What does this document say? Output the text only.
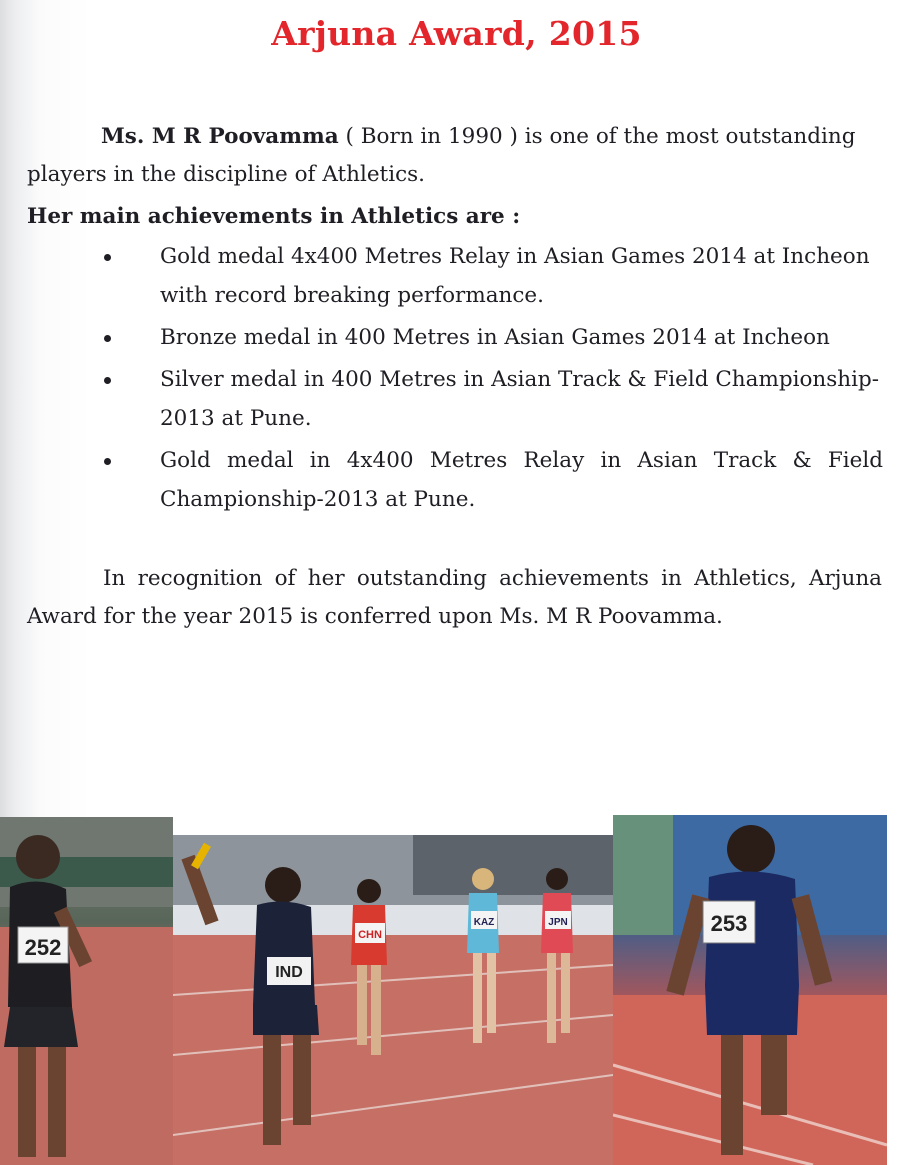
Arjuna Award, 2015
Ms. M R Poovamma ( Born in 1990 ) is one of the most outstanding players in the discipline of Athletics.
Her main achievements in Athletics are :
Gold medal 4x400 Metres Relay in Asian Games 2014 at Incheon with record breaking performance.
Bronze medal in 400 Metres in Asian Games 2014 at Incheon
Silver medal in 400 Metres in Asian Track & Field Championship-2013 at Pune.
Gold medal in 4x400 Metres Relay in Asian Track & Field Championship-2013 at Pune.
In recognition of her outstanding achievements in Athletics, Arjuna Award for the year 2015 is conferred upon Ms. M R Poovamma.
252
IND
CHN
KAZ	JPN	253
